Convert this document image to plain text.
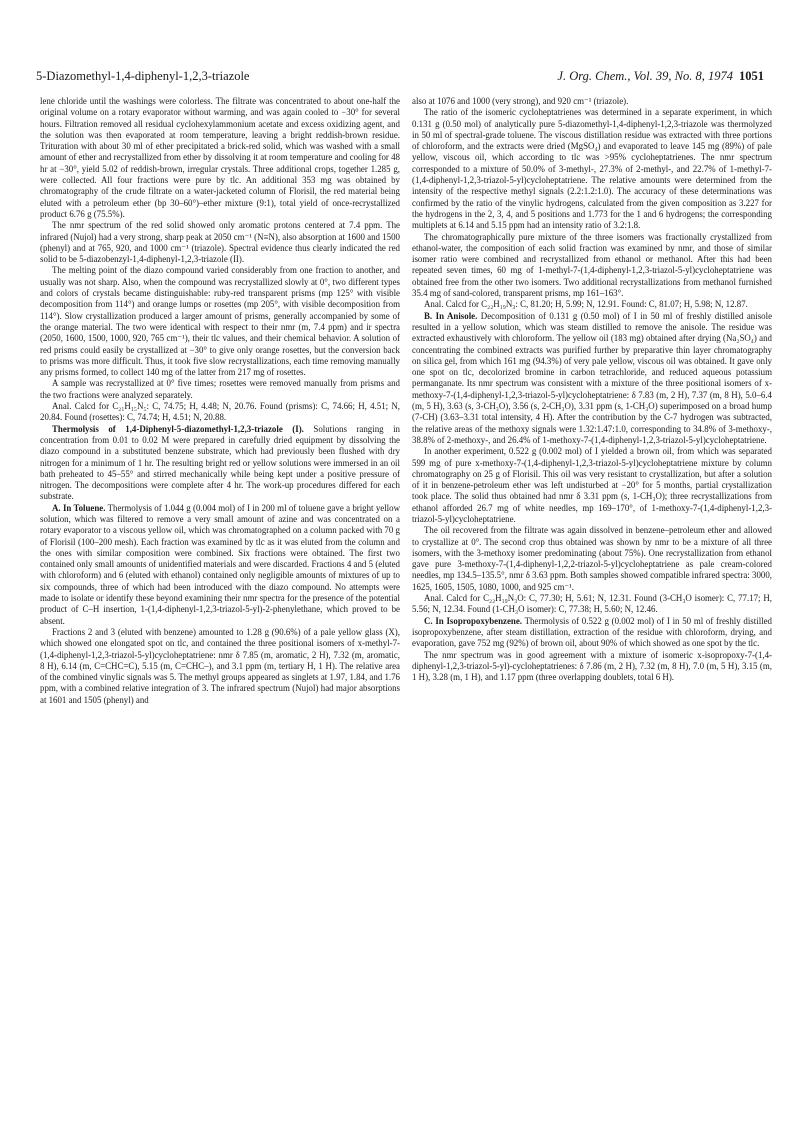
5-Diazomethyl-1,4-diphenyl-1,2,3-triazole	J. Org. Chem., Vol. 39, No. 8, 1974 1051

lene chloride until the washings were colorless. The filtrate was concentrated to about one-half the original volume on a rotary evaporator without warming, and was again cooled to −30° for several hours. Filtration removed all residual cyclohexylammonium acetate and excess oxidizing agent, and the solution was then evaporated at room temperature, leaving a bright reddish-brown residue. Trituration with about 30 ml of ether precipitated a brick-red solid, which was washed with a small amount of ether and recrystallized from ether by dissolving it at room temperature and cooling for 48 hr at −30°, yield 5.02 of reddish-brown, irregular crystals. Three additional crops, together 1.285 g, were collected. All four fractions were pure by tlc. An additional 353 mg was obtained by chromatography of the crude filtrate on a water-jacketed column of Florisil, the red material being eluted with a petroleum ether (bp 30–60°)–ether mixture (9:1), total yield of once-recrystallized product 6.76 g (75.5%).

The nmr spectrum of the red solid showed only aromatic protons centered at 7.4 ppm. The infrared (Nujol) had a very strong, sharp peak at 2050 cm⁻¹ (N≡N), also absorption at 1600 and 1500 (phenyl) and at 765, 920, and 1000 cm⁻¹ (triazole). Spectral evidence thus clearly indicated the red solid to be 5-diazobenzyl-1,4-diphenyl-1,2,3-triazole (II).

The melting point of the diazo compound varied considerably from one fraction to another, and usually was not sharp. Also, when the compound was recrystallized slowly at 0°, two different types and colors of crystals became distinguishable: ruby-red transparent prisms (mp 125° with visible decomposition from 114°) and orange lumps or rosettes (mp 205°, with visible decomposition from 114°). Slow crystallization produced a larger amount of prisms, generally accompanied by some of the orange material. The two were identical with respect to their nmr (m, 7.4 ppm) and ir spectra (2050, 1600, 1500, 1000, 920, 765 cm⁻¹), their tlc values, and their chemical behavior. A solution of red prisms could easily be crystallized at −30° to give only orange rosettes, but the conversion back to prisms was more difficult. Thus, it took five slow recrystallizations, each time removing manually any prisms formed, to collect 140 mg of the latter from 217 mg of rosettes.

A sample was recrystallized at 0° five times; rosettes were removed manually from prisms and the two fractions were analyzed separately.

Anal. Calcd for C₂₁H₁₅N₅: C, 74.75; H, 4.48; N, 20.76. Found (prisms): C, 74.66; H, 4.51; N, 20.84. Found (rosettes): C, 74.74; H, 4.51; N, 20.88.

Thermolysis of 1,4-Diphenyl-5-diazomethyl-1,2,3-triazole (I). Solutions ranging in concentration from 0.01 to 0.02 M were prepared in carefully dried equipment by dissolving the diazo compound in a substituted benzene substrate, which had previously been flushed with dry nitrogen for a minimum of 1 hr. The resulting bright red or yellow solutions were immersed in an oil bath preheated to 45–55° and stirred mechanically while being kept under a positive pressure of nitrogen. The decompositions were complete after 4 hr. The work-up procedures differed for each substrate.

A. In Toluene. Thermolysis of 1.044 g (0.004 mol) of I in 200 ml of toluene gave a bright yellow solution, which was filtered to remove a very small amount of azine and was concentrated on a rotary evaporator to a viscous yellow oil, which was chromatographed on a column packed with 70 g of Florisil (100–200 mesh). Each fraction was examined by tlc as it was eluted from the column and the ones with similar composition were combined. Six fractions were obtained. The first two contained only small amounts of unidentified materials and were discarded. Fractions 4 and 5 (eluted with chloroform) and 6 (eluted with ethanol) contained only negligible amounts of mixtures of up to six compounds, three of which had been introduced with the diazo compound. No attempts were made to isolate or identify these beyond examining their nmr spectra for the presence of the potential product of C–H insertion, 1-(1,4-diphenyl-1,2,3-triazol-5-yl)-2-phenylethane, which proved to be absent.

Fractions 2 and 3 (eluted with benzene) amounted to 1.28 g (90.6%) of a pale yellow glass (X), which showed one elongated spot on tlc, and contained the three positional isomers of x-methyl-7-(1,4-diphenyl-1,2,3-triazol-5-yl)cycloheptatriene: nmr δ 7.85 (m, aromatic, 2 H), 7.32 (m, aromatic, 8 H), 6.14 (m, C=CHC=C), 5.15 (m, C=CHC–), and 3.1 ppm (m, tertiary H, 1 H). The relative area of the combined vinylic signals was 5. The methyl groups appeared as singlets at 1.97, 1.84, and 1.76 ppm, with a combined relative integration of 3. The infrared spectrum (Nujol) had major absorptions at 1601 and 1505 (phenyl) and

also at 1076 and 1000 (very strong), and 920 cm⁻¹ (triazole).

The ratio of the isomeric cycloheptatrienes was determined in a separate experiment, in which 0.131 g (0.50 mol) of analytically pure 5-diazomethyl-1,4-diphenyl-1,2,3-triazole was thermolyzed in 50 ml of spectral-grade toluene. The viscous distillation residue was extracted with three portions of chloroform, and the extracts were dried (MgSO₄) and evaporated to leave 145 mg (89%) of pale yellow, viscous oil, which according to tlc was >95% cycloheptatrienes. The nmr spectrum corresponded to a mixture of 50.0% of 3-methyl-, 27.3% of 2-methyl-, and 22.7% of 1-methyl-7-(1,4-diphenyl-1,2,3-triazol-5-yl)cycloheptatriene. The relative amounts were determined from the intensity of the respective methyl signals (2.2:1.2:1.0). The accuracy of these determinations was confirmed by the ratio of the vinylic hydrogens, calculated from the given composition as 3.227 for the hydrogens in the 2, 3, 4, and 5 positions and 1.773 for the 1 and 6 hydrogens; the corresponding multiplets at 6.14 and 5.15 ppm had an intensity ratio of 3.2:1.8.

The chromatographically pure mixture of the three isomers was fractionally crystallized from ethanol-water, the composition of each solid fraction was examined by nmr, and those of similar isomer ratio were combined and recrystallized from ethanol or methanol. After this had been repeated seven times, 60 mg of 1-methyl-7-(1,4-diphenyl-1,2,3-triazol-5-yl)cycloheptatriene was obtained free from the other two isomers. Two additional recrystallizations from methanol furnished 35.4 mg of sand-colored, transparent prisms, mp 161–163°.

Anal. Calcd for C₂₂H₁₉N₃: C, 81.20; H, 5.99; N, 12.91. Found: C, 81.07; H, 5.98; N, 12.87.

B. In Anisole. Decomposition of 0.131 g (0.50 mol) of I in 50 ml of freshly distilled anisole resulted in a yellow solution, which was steam distilled to remove the anisole. The residue was extracted exhaustively with chloroform. The yellow oil (183 mg) obtained after drying (Na₂SO₄) and concentrating the combined extracts was purified further by preparative thin layer chromatography on silica gel, from which 161 mg (94.3%) of very pale yellow, viscous oil was obtained. It gave only one spot on tlc, decolorized bromine in carbon tetrachloride, and reduced aqueous potassium permanganate. Its nmr spectrum was consistent with a mixture of the three positional isomers of x-methoxy-7-(1,4-diphenyl-1,2,3-triazol-5-yl)cycloheptatriene: δ 7.83 (m, 2 H), 7.37 (m, 8 H), 5.0–6.4 (m, 5 H), 3.63 (s, 3-CH₃O), 3.56 (s, 2-CH₃O), 3.31 ppm (s, 1-CH₃O) superimposed on a broad hump (7-CH) (3.63–3.31 total intensity, 4 H). After the contribution by the C-7 hydrogen was subtracted, the relative areas of the methoxy signals were 1.32:1.47:1.0, corresponding to 34.8% of 3-methoxy-, 38.8% of 2-methoxy-, and 26.4% of 1-methoxy-7-(1,4-diphenyl-1,2,3-triazol-5-yl)cycloheptatriene.

In another experiment, 0.522 g (0.002 mol) of I yielded a brown oil, from which was separated 599 mg of pure x-methoxy-7-(1,4-diphenyl-1,2,3-triazol-5-yl)cycloheptatriene mixture by column chromatography on 25 g of Florisil. This oil was very resistant to crystallization, but after a solution of it in benzene-petroleum ether was left undisturbed at −20° for 5 months, partial crystallization took place. The solid thus obtained had nmr δ 3.31 ppm (s, 1-CH₃O); three recrystallizations from ethanol afforded 26.7 mg of white needles, mp 169–170°, of 1-methoxy-7-(1,4-diphenyl-1,2,3-triazol-5-yl)cycloheptatriene.

The oil recovered from the filtrate was again dissolved in benzene–petroleum ether and allowed to crystallize at 0°. The second crop thus obtained was shown by nmr to be a mixture of all three isomers, with the 3-methoxy isomer predominating (about 75%). One recrystallization from ethanol gave pure 3-methoxy-7-(1,4-diphenyl-1,2,2-triazol-5-yl)cycloheptatriene as pale cream-colored needles, mp 134.5–135.5°, nmr δ 3.63 ppm. Both samples showed compatible infrared spectra: 3000, 1625, 1605, 1505, 1080, 1000, and 925 cm⁻¹.

Anal. Calcd for C₂₂H₁₉N₃O: C, 77.30; H, 5.61; N, 12.31. Found (3-CH₃O isomer): C, 77.17; H, 5.56; N, 12.34. Found (1-CH₃O isomer): C, 77.38; H, 5.60; N, 12.46.

C. In Isopropoxybenzene. Thermolysis of 0.522 g (0.002 mol) of I in 50 ml of freshly distilled isopropoxybenzene, after steam distillation, extraction of the residue with chloroform, drying, and evaporation, gave 752 mg (92%) of brown oil, about 90% of which showed as one spot by the tlc.

The nmr spectrum was in good agreement with a mixture of isomeric x-isopropoxy-7-(1,4-diphenyl-1,2,3-triazol-5-yl)-cycloheptatrienes: δ 7.86 (m, 2 H), 7.32 (m, 8 H), 7.0 (m, 5 H), 3.15 (m, 1 H), 3.28 (m, 1 H), and 1.17 ppm (three overlapping doublets, total 6 H).
